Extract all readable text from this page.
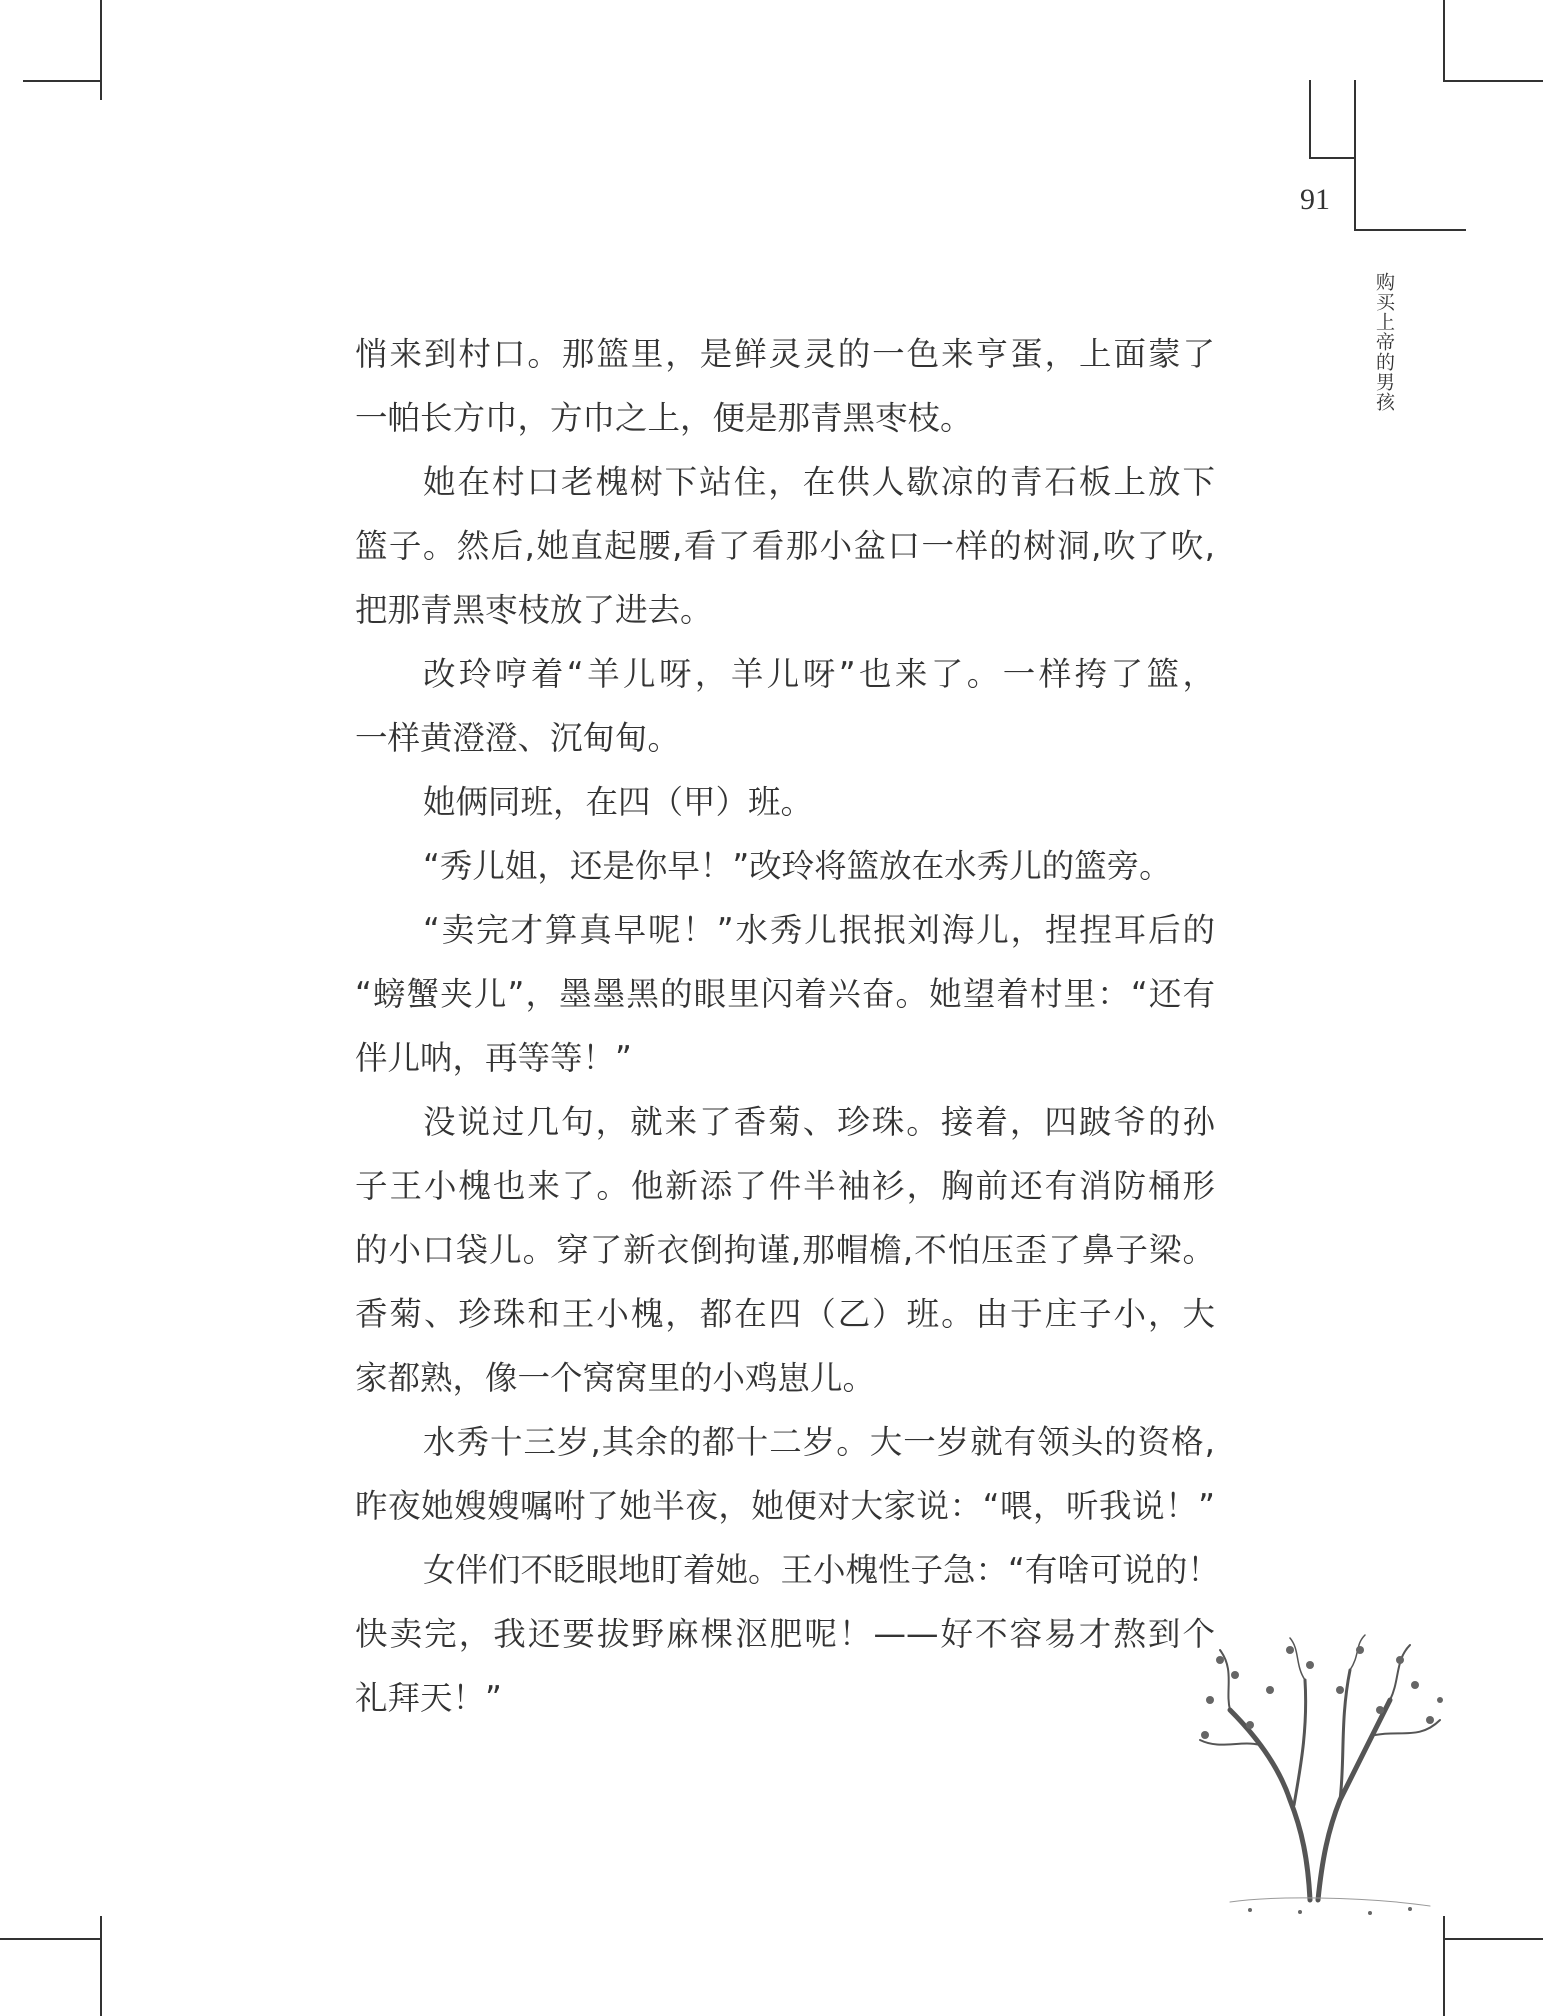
91
购买上帝的男孩
悄来到村口。那篮里，是鲜灵灵的一色来亨蛋，上面蒙了
一帕长方巾，方巾之上，便是那青黑枣枝。
她在村口老槐树下站住，在供人歇凉的青石板上放下
篮子。然后,她直起腰,看了看那小盆口一样的树洞,吹了吹,
把那青黑枣枝放了进去。
改玲哼着“羊儿呀，羊儿呀”也来了。一样挎了篮，
一样黄澄澄、沉甸甸。
她俩同班，在四（甲）班。
“秀儿姐，还是你早！”改玲将篮放在水秀儿的篮旁。
“卖完才算真早呢！”水秀儿抿抿刘海儿，捏捏耳后的
“螃蟹夹儿”，墨墨黑的眼里闪着兴奋。她望着村里：“还有
伴儿呐，再等等！”
没说过几句，就来了香菊、珍珠。接着，四跛爷的孙
子王小槐也来了。他新添了件半袖衫，胸前还有消防桶形
的小口袋儿。穿了新衣倒拘谨,那帽檐,不怕压歪了鼻子梁。
香菊、珍珠和王小槐，都在四（乙）班。由于庄子小，大
家都熟，像一个窝窝里的小鸡崽儿。
水秀十三岁,其余的都十二岁。大一岁就有领头的资格,
昨夜她嫂嫂嘱咐了她半夜，她便对大家说：“喂，听我说！”
女伴们不眨眼地盯着她。王小槐性子急：“有啥可说的！
快卖完，我还要拔野麻棵沤肥呢！——好不容易才熬到个
礼拜天！”
